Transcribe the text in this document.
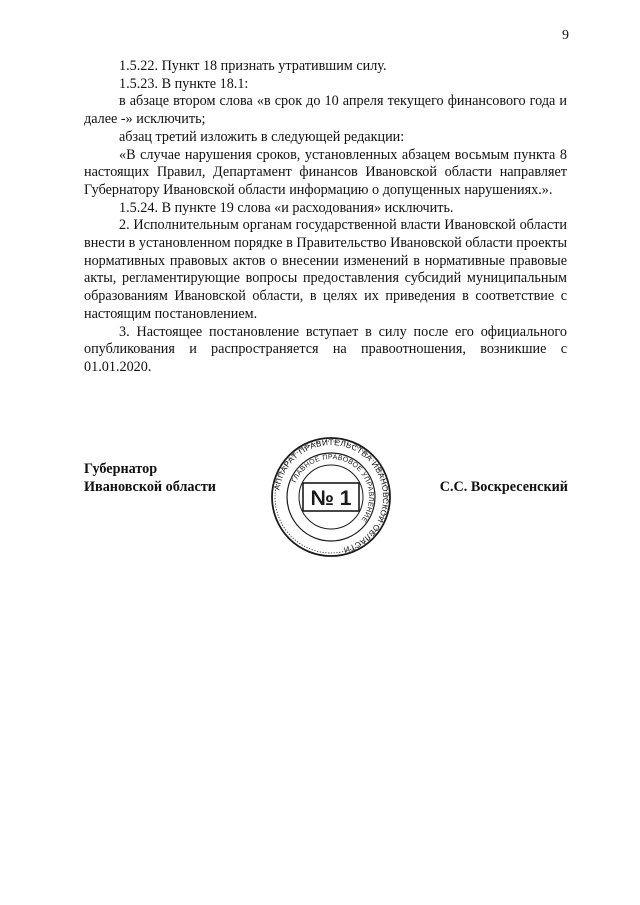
9

1.5.22. Пункт 18 признать утратившим силу.

1.5.23. В пункте 18.1:

в абзаце втором слова «в срок до 10 апреля текущего финансового года и далее -» исключить;

абзац третий изложить в следующей редакции:

«В случае нарушения сроков, установленных абзацем восьмым пункта 8 настоящих Правил, Департамент финансов Ивановской области направляет Губернатору Ивановской области информацию о допущенных нарушениях.».

1.5.24. В пункте 19 слова «и расходования» исключить.

2. Исполнительным органам государственной власти Ивановской области внести в установленном порядке в Правительство Ивановской области проекты нормативных правовых актов о внесении изменений в нормативные правовые акты, регламентирующие вопросы предоставления субсидий муниципальным образованиям Ивановской области, в целях их приведения в соответствие с настоящим постановлением.

3. Настоящее постановление вступает в силу после его официального опубликования и распространяется на правоотношения, возникшие с 01.01.2020.

Губернатор
Ивановской области	АППАРАТ ПРАВИТЕЛЬСТВА ИВАНОВСКОЙ ОБЛАСТИ
ГЛАВНОЕ ПРАВОВОЕ УПРАВЛЕНИЕ
№ 1	С.С. Воскресенский
